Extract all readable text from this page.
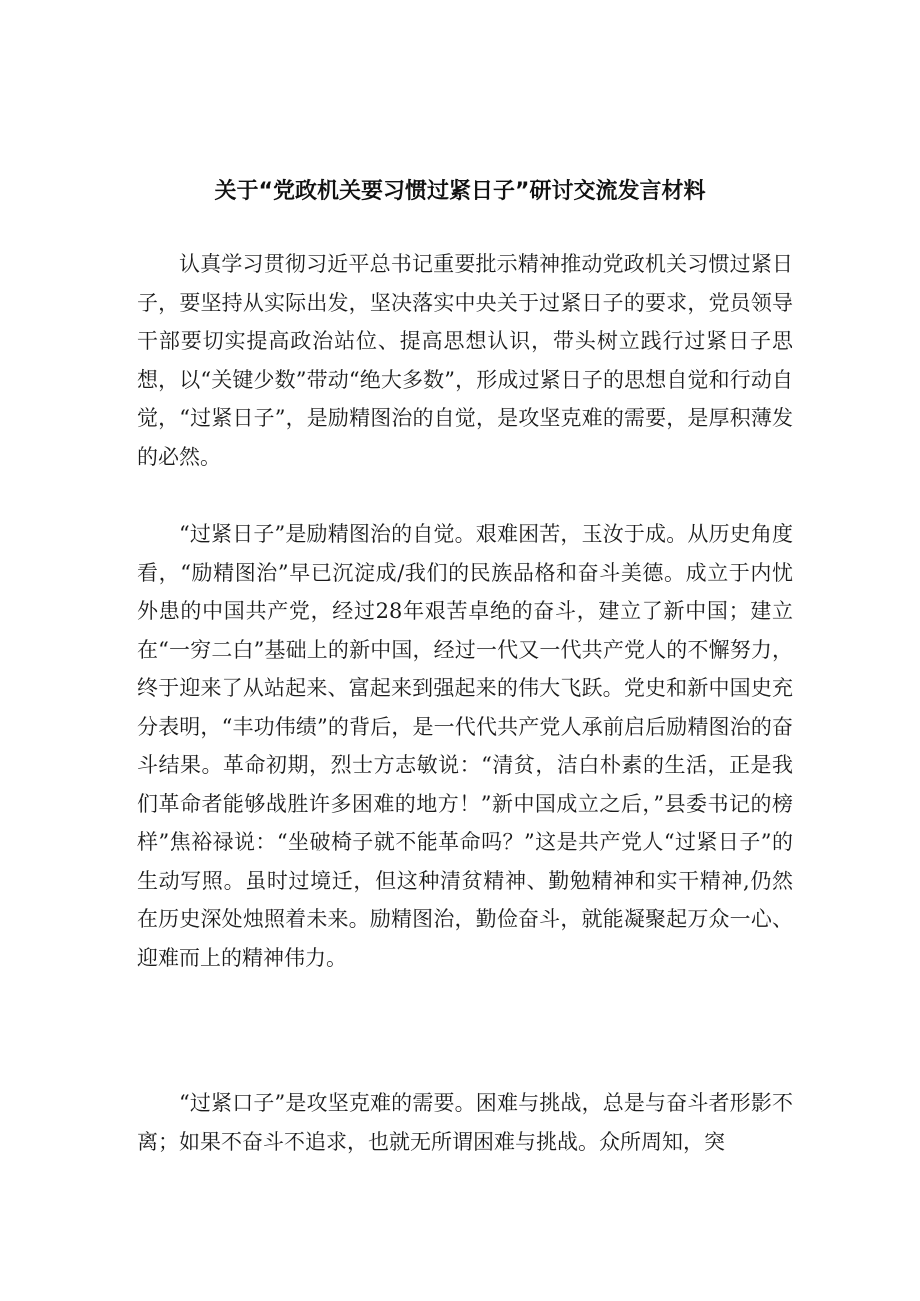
关于“党政机关要习惯过紧日子”研讨交流发言材料

认真学习贯彻习近平总书记重要批示精神推动党政机关习惯过紧日子，要坚持从实际出发，坚决落实中央关于过紧日子的要求，党员领导干部要切实提高政治站位、提高思想认识，带头树立践行过紧日子思想，以“关键少数”带动“绝大多数”，形成过紧日子的思想自觉和行动自觉，“过紧日子”，是励精图治的自觉，是攻坚克难的需要，是厚积薄发的必然。

“过紧日子”是励精图治的自觉。艰难困苦，玉汝于成。从历史角度看，“励精图治”早已沉淀成/我们的民族品格和奋斗美德。成立于内忧外患的中国共产党，经过28年艰苦卓绝的奋斗，建立了新中国；建立在“一穷二白”基础上的新中国，经过一代又一代共产党人的不懈努力，终于迎来了从站起来、富起来到强起来的伟大飞跃。党史和新中国史充分表明，“丰功伟绩”的背后，是一代代共产党人承前启后励精图治的奋斗结果。革命初期，烈士方志敏说：“清贫，洁白朴素的生活，正是我们革命者能够战胜许多困难的地方！”新中国成立之后，”县委书记的榜样”焦裕禄说：“坐破椅子就不能革命吗？”这是共产党人“过紧日子”的生动写照。虽时过境迁，但这种清贫精神、勤勉精神和实干精神,仍然在历史深处烛照着未来。励精图治，勤俭奋斗，就能凝聚起万众一心、迎难而上的精神伟力。

“过紧口子”是攻坚克难的需要。困难与挑战，总是与奋斗者形影不离；如果不奋斗不追求，也就无所谓困难与挑战。众所周知，突
